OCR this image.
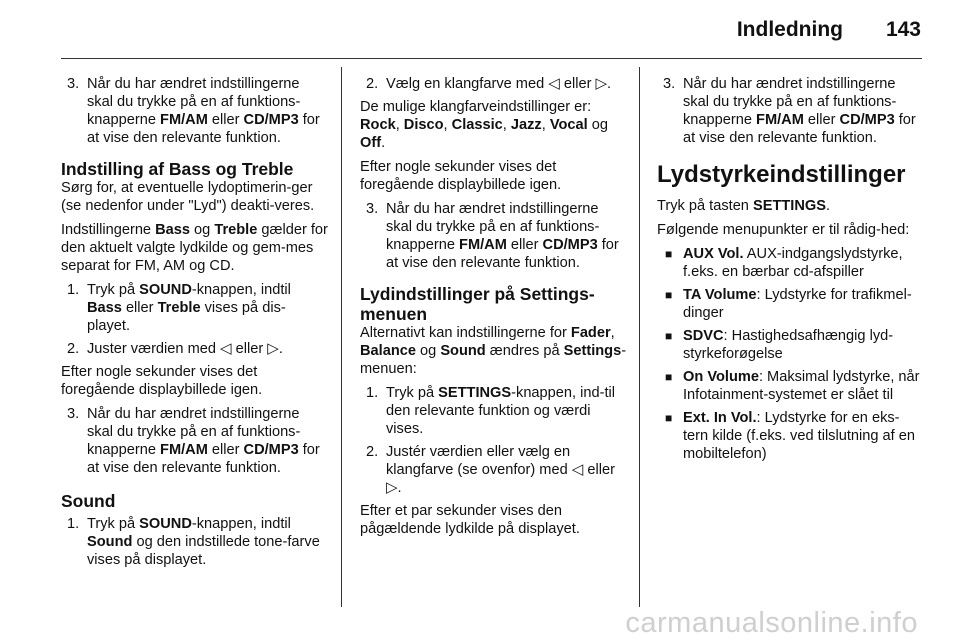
Indledning 143
3. Når du har ændret indstillingerne skal du trykke på en af funktions-knapperne FM/AM eller CD/MP3 for at vise den relevante funktion.
Indstilling af Bass og Treble

Sørg for, at eventuelle lydoptimerin-ger (se nedenfor under "Lyd") deakti-veres.

Indstillingerne Bass og Treble gælder for den aktuelt valgte lydkilde og gem-mes separat for FM, AM og CD.

1. Tryk på SOUND-knappen, indtil Bass eller Treble vises på dis-playet.
2. Juster værdien med ◁ eller ▷.

Efter nogle sekunder vises det foregående displaybillede igen.

3. Når du har ændret indstillingerne skal du trykke på en af funktions-knapperne FM/AM eller CD/MP3 for at vise den relevante funktion.
Sound
1. Tryk på SOUND-knappen, indtil Sound og den indstillede tone-farve vises på displayet.
2. Vælg en klangfarve med ◁ eller ▷.

De mulige klangfarveindstillinger er: Rock, Disco, Classic, Jazz, Vocal og Off.

Efter nogle sekunder vises det foregående displaybillede igen.

3. Når du har ændret indstillingerne skal du trykke på en af funktions-knapperne FM/AM eller CD/MP3 for at vise den relevante funktion.
Lydindstillinger på Settings-menuen

Alternativt kan indstillingerne for Fader, Balance og Sound ændres på Settings-menuen:

1. Tryk på SETTINGS-knappen, ind-til den relevante funktion og værdi vises.
2. Justér værdien eller vælg en klangfarve (se ovenfor) med ◁ eller ▷.

Efter et par sekunder vises den pågældende lydkilde på displayet.

3. Når du har ændret indstillingerne skal du trykke på en af funktions-knapperne FM/AM eller CD/MP3 for at vise den relevante funktion.
Lydstyrkeindstillinger

Tryk på tasten SETTINGS.

Følgende menupunkter er til rådig-hed:

■ AUX Vol. AUX-indgangslydstyrke, f.eks. en bærbar cd-afspiller
■ TA Volume: Lydstyrke for trafikmel-dinger
■ SDVC: Hastighedsafhængig lyd-styrkeforøgelse
■ On Volume: Maksimal lydstyrke, når Infotainment-systemet er slået til
■ Ext. In Vol.: Lydstyrke for en eks-tern kilde (f.eks. ved tilslutning af en mobiltelefon)
carmanualsonline.info
